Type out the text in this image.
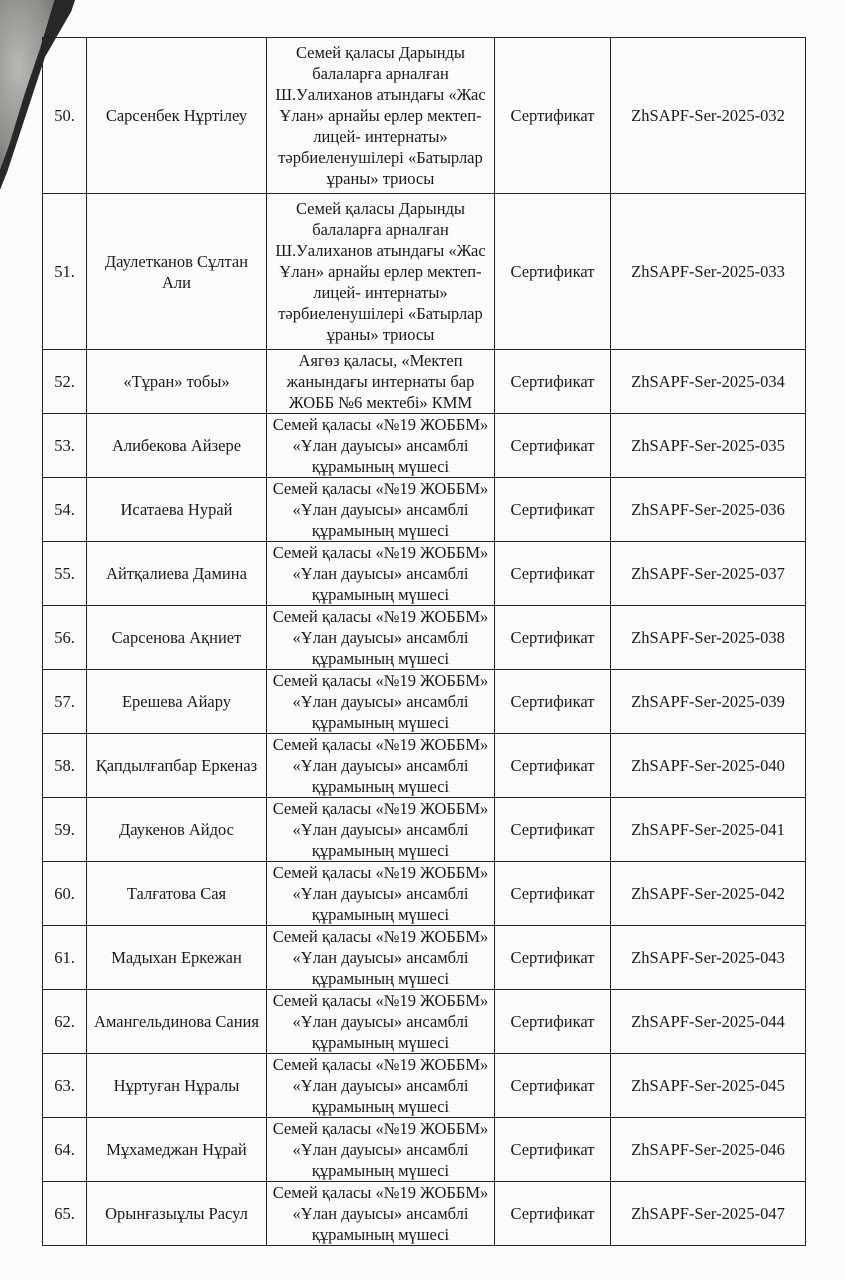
50.	Сарсенбек Нұртілеу	Семей қаласы Дарынды балаларға арналған Ш.Уалиханов атындағы «Жас Ұлан» арнайы ерлер мектеп-лицей- интернаты» тәрбиеленушілері «Батырлар ұраны» триосы	Сертификат	ZhSAPF-Ser-2025-032
51.	Даулетканов Сұлтан Али	Семей қаласы Дарынды балаларға арналған Ш.Уалиханов атындағы «Жас Ұлан» арнайы ерлер мектеп-лицей- интернаты» тәрбиеленушілері «Батырлар ұраны» триосы	Сертификат	ZhSAPF-Ser-2025-033
52.	«Тұран» тобы»	Аягөз қаласы, «Мектеп жанындағы интернаты бар ЖОББ №6 мектебі» КММ	Сертификат	ZhSAPF-Ser-2025-034
53.	Алибекова Айзере	Семей қаласы «№19 ЖОББМ» «Ұлан дауысы» ансамблі құрамының мүшесі	Сертификат	ZhSAPF-Ser-2025-035
54.	Исатаева Нурай	Семей қаласы «№19 ЖОББМ» «Ұлан дауысы» ансамблі құрамының мүшесі	Сертификат	ZhSAPF-Ser-2025-036
55.	Айтқалиева Дамина	Семей қаласы «№19 ЖОББМ» «Ұлан дауысы» ансамблі құрамының мүшесі	Сертификат	ZhSAPF-Ser-2025-037
56.	Сарсенова Ақниет	Семей қаласы «№19 ЖОББМ» «Ұлан дауысы» ансамблі құрамының мүшесі	Сертификат	ZhSAPF-Ser-2025-038
57.	Ерешева Айару	Семей қаласы «№19 ЖОББМ» «Ұлан дауысы» ансамблі құрамының мүшесі	Сертификат	ZhSAPF-Ser-2025-039
58.	Қапдылғапбар Еркеназ	Семей қаласы «№19 ЖОББМ» «Ұлан дауысы» ансамблі құрамының мүшесі	Сертификат	ZhSAPF-Ser-2025-040
59.	Даукенов Айдос	Семей қаласы «№19 ЖОББМ» «Ұлан дауысы» ансамблі құрамының мүшесі	Сертификат	ZhSAPF-Ser-2025-041
60.	Талғатова Сая	Семей қаласы «№19 ЖОББМ» «Ұлан дауысы» ансамблі құрамының мүшесі	Сертификат	ZhSAPF-Ser-2025-042
61.	Мадыхан Еркежан	Семей қаласы «№19 ЖОББМ» «Ұлан дауысы» ансамблі құрамының мүшесі	Сертификат	ZhSAPF-Ser-2025-043
62.	Амангельдинова Сания	Семей қаласы «№19 ЖОББМ» «Ұлан дауысы» ансамблі құрамының мүшесі	Сертификат	ZhSAPF-Ser-2025-044
63.	Нұртуған Нұралы	Семей қаласы «№19 ЖОББМ» «Ұлан дауысы» ансамблі құрамының мүшесі	Сертификат	ZhSAPF-Ser-2025-045
64.	Мұхамеджан Нұрай	Семей қаласы «№19 ЖОББМ» «Ұлан дауысы» ансамблі құрамының мүшесі	Сертификат	ZhSAPF-Ser-2025-046
65.	Орынғазыұлы Расул	Семей қаласы «№19 ЖОББМ» «Ұлан дауысы» ансамблі құрамының мүшесі	Сертификат	ZhSAPF-Ser-2025-047
